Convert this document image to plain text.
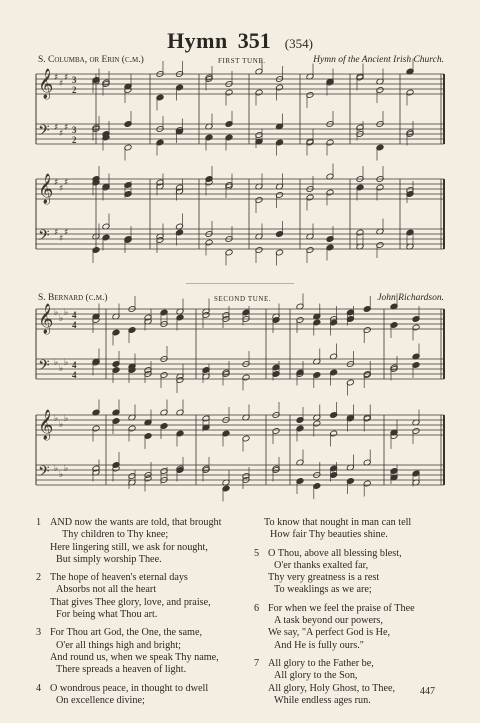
Hymn 351 (354)
S. Columba, or Erin (c.m.)	FIRST TUNE.	Hymn of the Ancient Irish Church.
S. Bernard (c.m.)	SECOND TUNE.	John Richardson.
𝄞 ♯
♯
♯ 3
2
𝄢 ♯
♯
♯ 3
2
𝄞 ♯
♯
♯
𝄢 ♯
♯
♯
𝄞 ♭
♭
♭ 4
4
𝄢 ♭
♭
♭ 4
4
𝄞 ♭
♭
♭
𝄢 ♭
♭
♭
1 AND now the wants are told, that brought
Thy children to Thy knee;
Here lingering still, we ask for nought,
But simply worship Thee.
2 The hope of heaven's eternal days
Absorbs not all the heart
That gives Thee glory, love, and praise,
For being what Thou art.
3 For Thou art God, the One, the same,
O'er all things high and bright;
And round us, when we speak Thy name,
There spreads a heaven of light.
4 O wondrous peace, in thought to dwell
On excellence divine;
To know that nought in man can tell
How fair Thy beauties shine.
5 O Thou, above all blessing blest,
O'er thanks exalted far,
Thy very greatness is a rest
To weaklings as we are;
6 For when we feel the praise of Thee
A task beyond our powers,
We say, "A perfect God is He,
And He is fully ours."
7 All glory to the Father be,
All glory to the Son,
All glory, Holy Ghost, to Thee,
While endless ages run.
447
